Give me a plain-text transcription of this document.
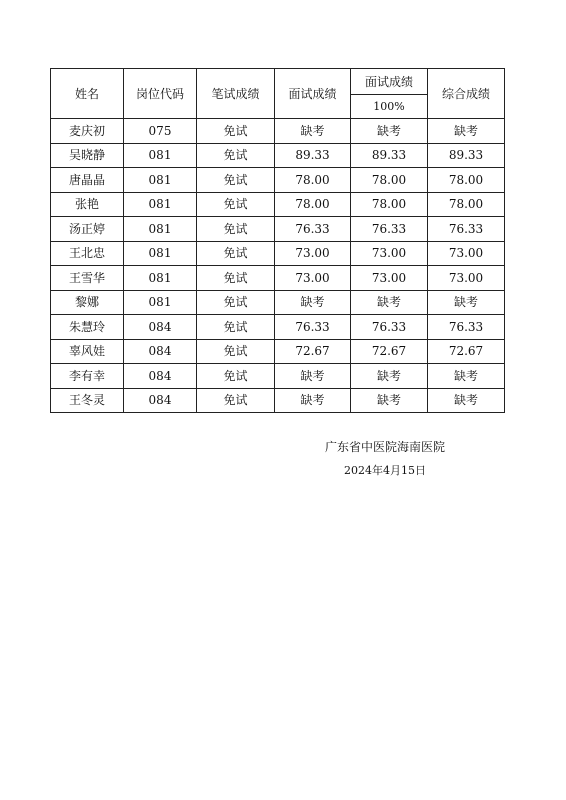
姓名	岗位代码	笔试成绩	面试成绩	面试成绩	综合成绩
				100%	
麦庆初	075	免试	缺考	缺考	缺考
吴晓静	081	免试	89.33	89.33	89.33
唐晶晶	081	免试	78.00	78.00	78.00
张艳	081	免试	78.00	78.00	78.00
汤正婷	081	免试	76.33	76.33	76.33
王北忠	081	免试	73.00	73.00	73.00
王雪华	081	免试	73.00	73.00	73.00
黎娜	081	免试	缺考	缺考	缺考
朱慧玲	084	免试	76.33	76.33	76.33
辜风娃	084	免试	72.67	72.67	72.67
李有幸	084	免试	缺考	缺考	缺考
王冬灵	084	免试	缺考	缺考	缺考
广东省中医院海南医院
2024年4月15日
